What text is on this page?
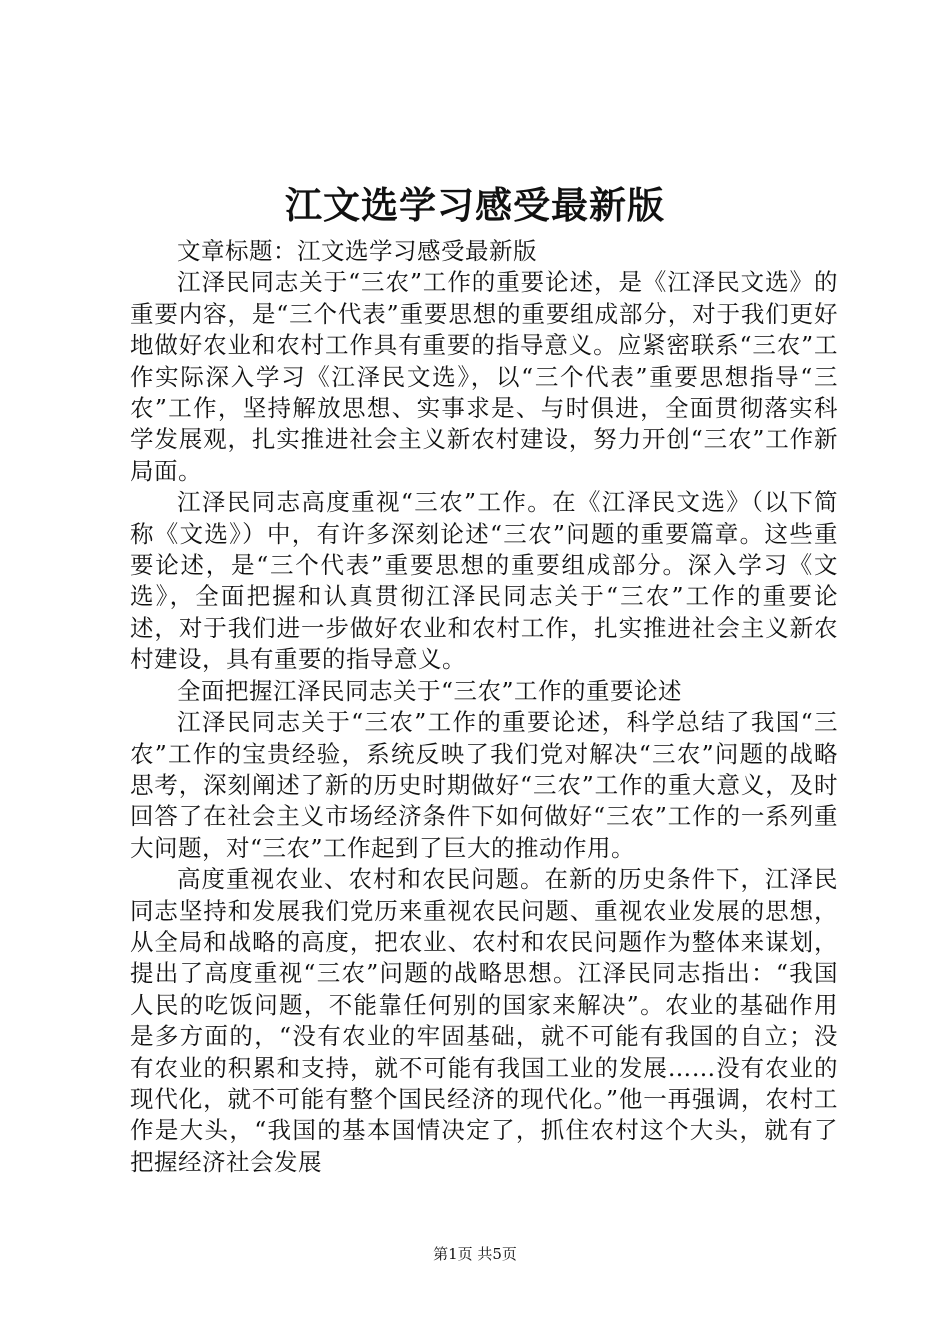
江文选学习感受最新版

文章标题：江文选学习感受最新版

江泽民同志关于“三农”工作的重要论述，是《江泽民文选》的重要内容，是“三个代表”重要思想的重要组成部分，对于我们更好地做好农业和农村工作具有重要的指导意义。应紧密联系“三农”工作实际深入学习《江泽民文选》，以“三个代表”重要思想指导“三农”工作，坚持解放思想、实事求是、与时俱进，全面贯彻落实科学发展观，扎实推进社会主义新农村建设，努力开创“三农”工作新局面。

江泽民同志高度重视“三农”工作。在《江泽民文选》（以下简称《文选》）中，有许多深刻论述“三农”问题的重要篇章。这些重要论述，是“三个代表”重要思想的重要组成部分。深入学习《文选》，全面把握和认真贯彻江泽民同志关于“三农”工作的重要论述，对于我们进一步做好农业和农村工作，扎实推进社会主义新农村建设，具有重要的指导意义。

全面把握江泽民同志关于“三农”工作的重要论述

江泽民同志关于“三农”工作的重要论述，科学总结了我国“三农”工作的宝贵经验，系统反映了我们党对解决“三农”问题的战略思考，深刻阐述了新的历史时期做好“三农”工作的重大意义，及时回答了在社会主义市场经济条件下如何做好“三农”工作的一系列重大问题，对“三农”工作起到了巨大的推动作用。

高度重视农业、农村和农民问题。在新的历史条件下，江泽民同志坚持和发展我们党历来重视农民问题、重视农业发展的思想，从全局和战略的高度，把农业、农村和农民问题作为整体来谋划，提出了高度重视“三农”问题的战略思想。江泽民同志指出：“我国人民的吃饭问题，不能靠任何别的国家来解决”。农业的基础作用是多方面的，“没有农业的牢固基础，就不可能有我国的自立；没有农业的积累和支持，就不可能有我国工业的发展……没有农业的现代化，就不可能有整个国民经济的现代化。”他一再强调，农村工作是大头，“我国的基本国情决定了，抓住农村这个大头，就有了把握经济社会发展

第1页 共5页
